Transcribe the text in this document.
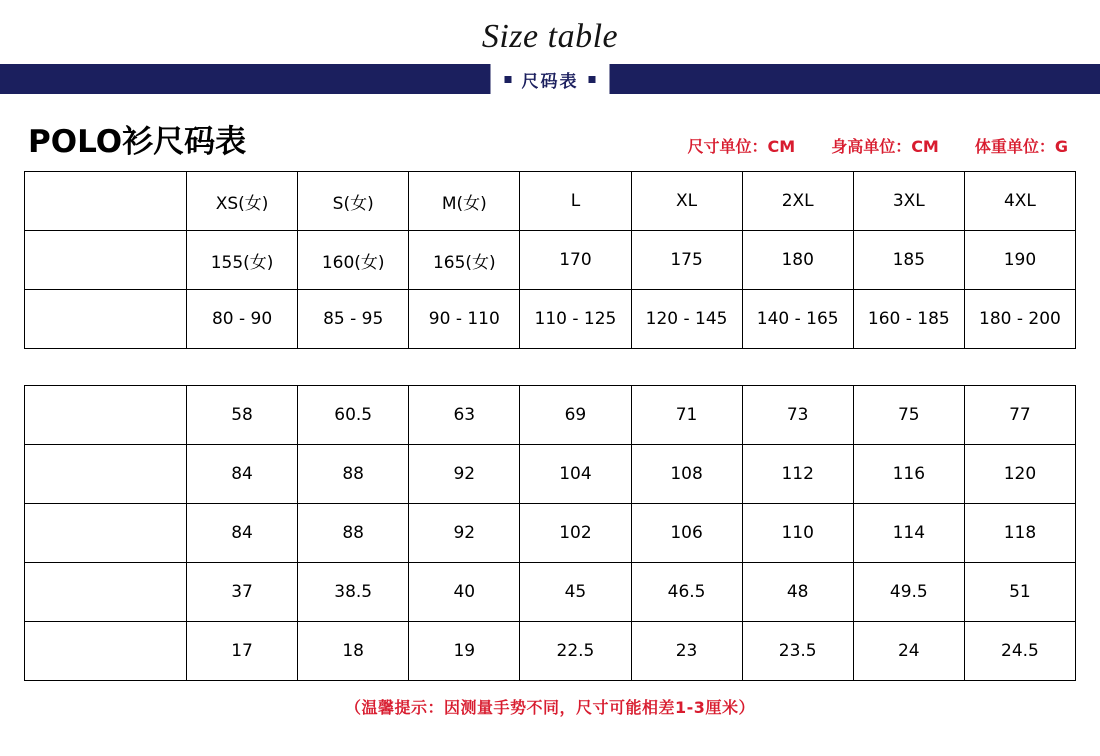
Size table
尺码表
POLO衫尺码表	尺寸单位：CM 身高单位：CM 体重单位：G
规 格
部 位	XS(女)	S(女)	M(女)	L	XL	2XL	3XL	4XL
身 高	155(女)	160(女)	165(女)	170	175	180	185	190
体 重	80 - 90	85 - 95	90 - 110	110 - 125	120 - 145	140 - 165	160 - 185	180 - 200
前衣长	58	60.5	63	69	71	73	75	77
胸 围	84	88	92	104	108	112	116	120
摆 围	84	88	92	102	106	110	114	118
肩 宽	37	38.5	40	45	46.5	48	49.5	51
袖 长	17	18	19	22.5	23	23.5	24	24.5
（温馨提示：因测量手势不同，尺寸可能相差1-3厘米）
